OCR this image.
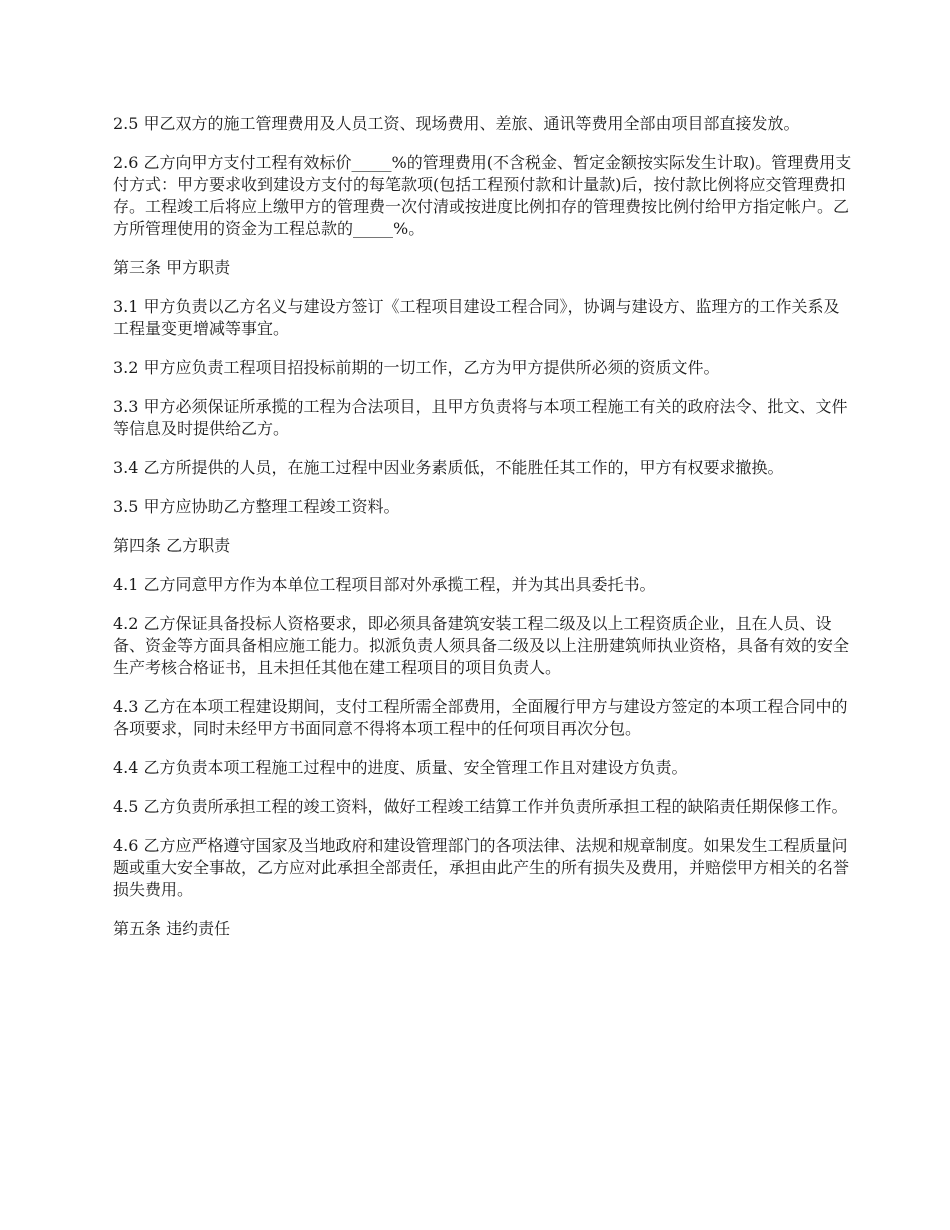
2.5 甲乙双方的施工管理费用及人员工资、现场费用、差旅、通讯等费用全部由项目部直接发放。

2.6 乙方向甲方支付工程有效标价_____%的管理费用(不含税金、暂定金额按实际发生计取)。管理费用支付方式：甲方要求收到建设方支付的每笔款项(包括工程预付款和计量款)后，按付款比例将应交管理费扣存。工程竣工后将应上缴甲方的管理费一次付清或按进度比例扣存的管理费按比例付给甲方指定帐户。乙方所管理使用的资金为工程总款的_____%。

第三条 甲方职责

3.1 甲方负责以乙方名义与建设方签订《工程项目建设工程合同》，协调与建设方、监理方的工作关系及工程量变更增减等事宜。

3.2 甲方应负责工程项目招投标前期的一切工作，乙方为甲方提供所必须的资质文件。

3.3 甲方必须保证所承揽的工程为合法项目，且甲方负责将与本项工程施工有关的政府法令、批文、文件等信息及时提供给乙方。

3.4 乙方所提供的人员，在施工过程中因业务素质低，不能胜任其工作的，甲方有权要求撤换。

3.5 甲方应协助乙方整理工程竣工资料。

第四条 乙方职责

4.1 乙方同意甲方作为本单位工程项目部对外承揽工程，并为其出具委托书。

4.2 乙方保证具备投标人资格要求，即必须具备建筑安装工程二级及以上工程资质企业，且在人员、设备、资金等方面具备相应施工能力。拟派负责人须具备二级及以上注册建筑师执业资格，具备有效的安全生产考核合格证书，且未担任其他在建工程项目的项目负责人。

4.3 乙方在本项工程建设期间，支付工程所需全部费用，全面履行甲方与建设方签定的本项工程合同中的各项要求，同时未经甲方书面同意不得将本项工程中的任何项目再次分包。

4.4 乙方负责本项工程施工过程中的进度、质量、安全管理工作且对建设方负责。

4.5 乙方负责所承担工程的竣工资料，做好工程竣工结算工作并负责所承担工程的缺陷责任期保修工作。

4.6 乙方应严格遵守国家及当地政府和建设管理部门的各项法律、法规和规章制度。如果发生工程质量问题或重大安全事故，乙方应对此承担全部责任，承担由此产生的所有损失及费用，并赔偿甲方相关的名誉损失费用。

第五条 违约责任
